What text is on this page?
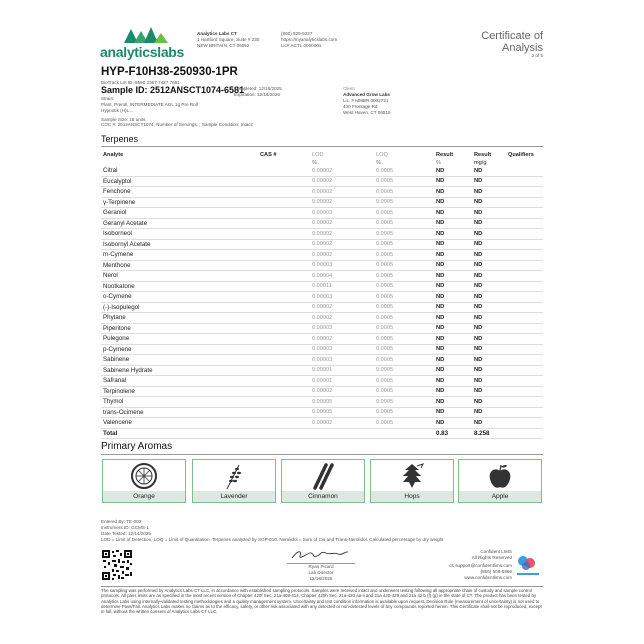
analyticslabs
Analytics Labs CT
1 Hartford Square, Suite # 230
NEW BRITAIN, CT 06052
(860) 925-5227
https://myanalyticslabs.com
Lic# ACTL.0000001
Certificate of Analysis
3 of 5
HYP-F10H38-250930-1PR
BioTrack Lot ID: 9590 2367 7427 7681
Sample ID: 2512ANSCT1074-6581
Strain:
Plant, Preroll, INTERMEDIATE AGL 1g Pre Roll
Hypnotik (H)L...
Sample Size: 18 units
COC #: 2512ANSCT1074; Number of Servings: ; Sample Condition: Intact;
Completed: 12/16/2025
Expiration: 12/16/2026
Client
Advanced Grow Labs
Lic. # MMBR.0002721
400 Frontage Rd
West Haven, CT 06516
Terpenes
Analyte	CAS #	LOD	LOQ	Result	Result	Qualifiers
		%	%	%	mg/g	
Citral		0.00002	0.0005	ND	ND	
Eucalyptol		0.00002	0.0005	ND	ND	
Fenchone		0.00002	0.0005	ND	ND	
γ-Terpinene		0.00002	0.0005	ND	ND	
Geraniol		0.00003	0.0005	ND	ND	
Geranyl Acetate		0.00002	0.0005	ND	ND	
Isoborneol		0.00002	0.0005	ND	ND	
Isobornyl Acetate		0.00002	0.0005	ND	ND	
m-Cymene		0.00002	0.0005	ND	ND	
Menthone		0.00003	0.0005	ND	ND	
Nerol		0.00004	0.0005	ND	ND	
Nootkatone		0.00011	0.0005	ND	ND	
o-Cymene		0.00003	0.0005	ND	ND	
(-)-Isopulegol		0.00002	0.0005	ND	ND	
Phytane		0.00002	0.0005	ND	ND	
Piperitone		0.00003	0.0005	ND	ND	
Pulegone		0.00002	0.0005	ND	ND	
p-Cymene		0.00003	0.0005	ND	ND	
Sabinene		0.00003	0.0005	ND	ND	
Sabinene Hydrate		0.00001	0.0005	ND	ND	
Safranal		0.00001	0.0005	ND	ND	
Terpinolene		0.00002	0.0005	ND	ND	
Thymol		0.00005	0.0005	ND	ND	
trans-Ocimene		0.00005	0.0005	ND	ND	
Valencene		0.00002	0.0005	ND	ND	
Total				0.83	8.258	
Primary Aromas
Orange	Lavender	Cinnamon	Hops	Apple
Entered By: TE-002
Instrument ID: GCMS-1
Date Tested: 12/14/2025
LOD = Limit of Detection, LOQ = Limit of Quantitation. Terpenes analyzed by SOP-010. Nerolidol = Sum of Cis and Trans-Nerolidol. Calculated percentage by dry weight
Ryan Picard
Lab Director
12/16/2025
Confident LIMS
All Rights Reserved
cs.support@confidentlims.com
(866) 506-5866
www.confidentlims.com
The sampling was performed by Analytics Labs CT LLC, in accordance with established sampling protocols. Samples were received intact and underwent testing following all appropriate chain of custody and sample control protocols. All pass limits are as specified in the most recent version of Chapter 420f Sec. 21a-408-414, Chapter 420h Sec. 21a-420 aa-ii and 21a 420-429 and 21a 42 b (f) (g) in the state of CT. The product has been tested by Analytics Labs using internally-validated testing methodologies and a quality management system. Uncertainty and test condition information is available upon request. Decision Rule (measurement of uncertainty) is not used to determine Pass/Fail. Analytics Labs makes no claims as to the efficacy, safety, or other risk associated with any detected or non-detected levels of any compounds reported herein. This Certificate shall not be reproduced, except in full, without the written consent of Analytics Labs CT LLC.
